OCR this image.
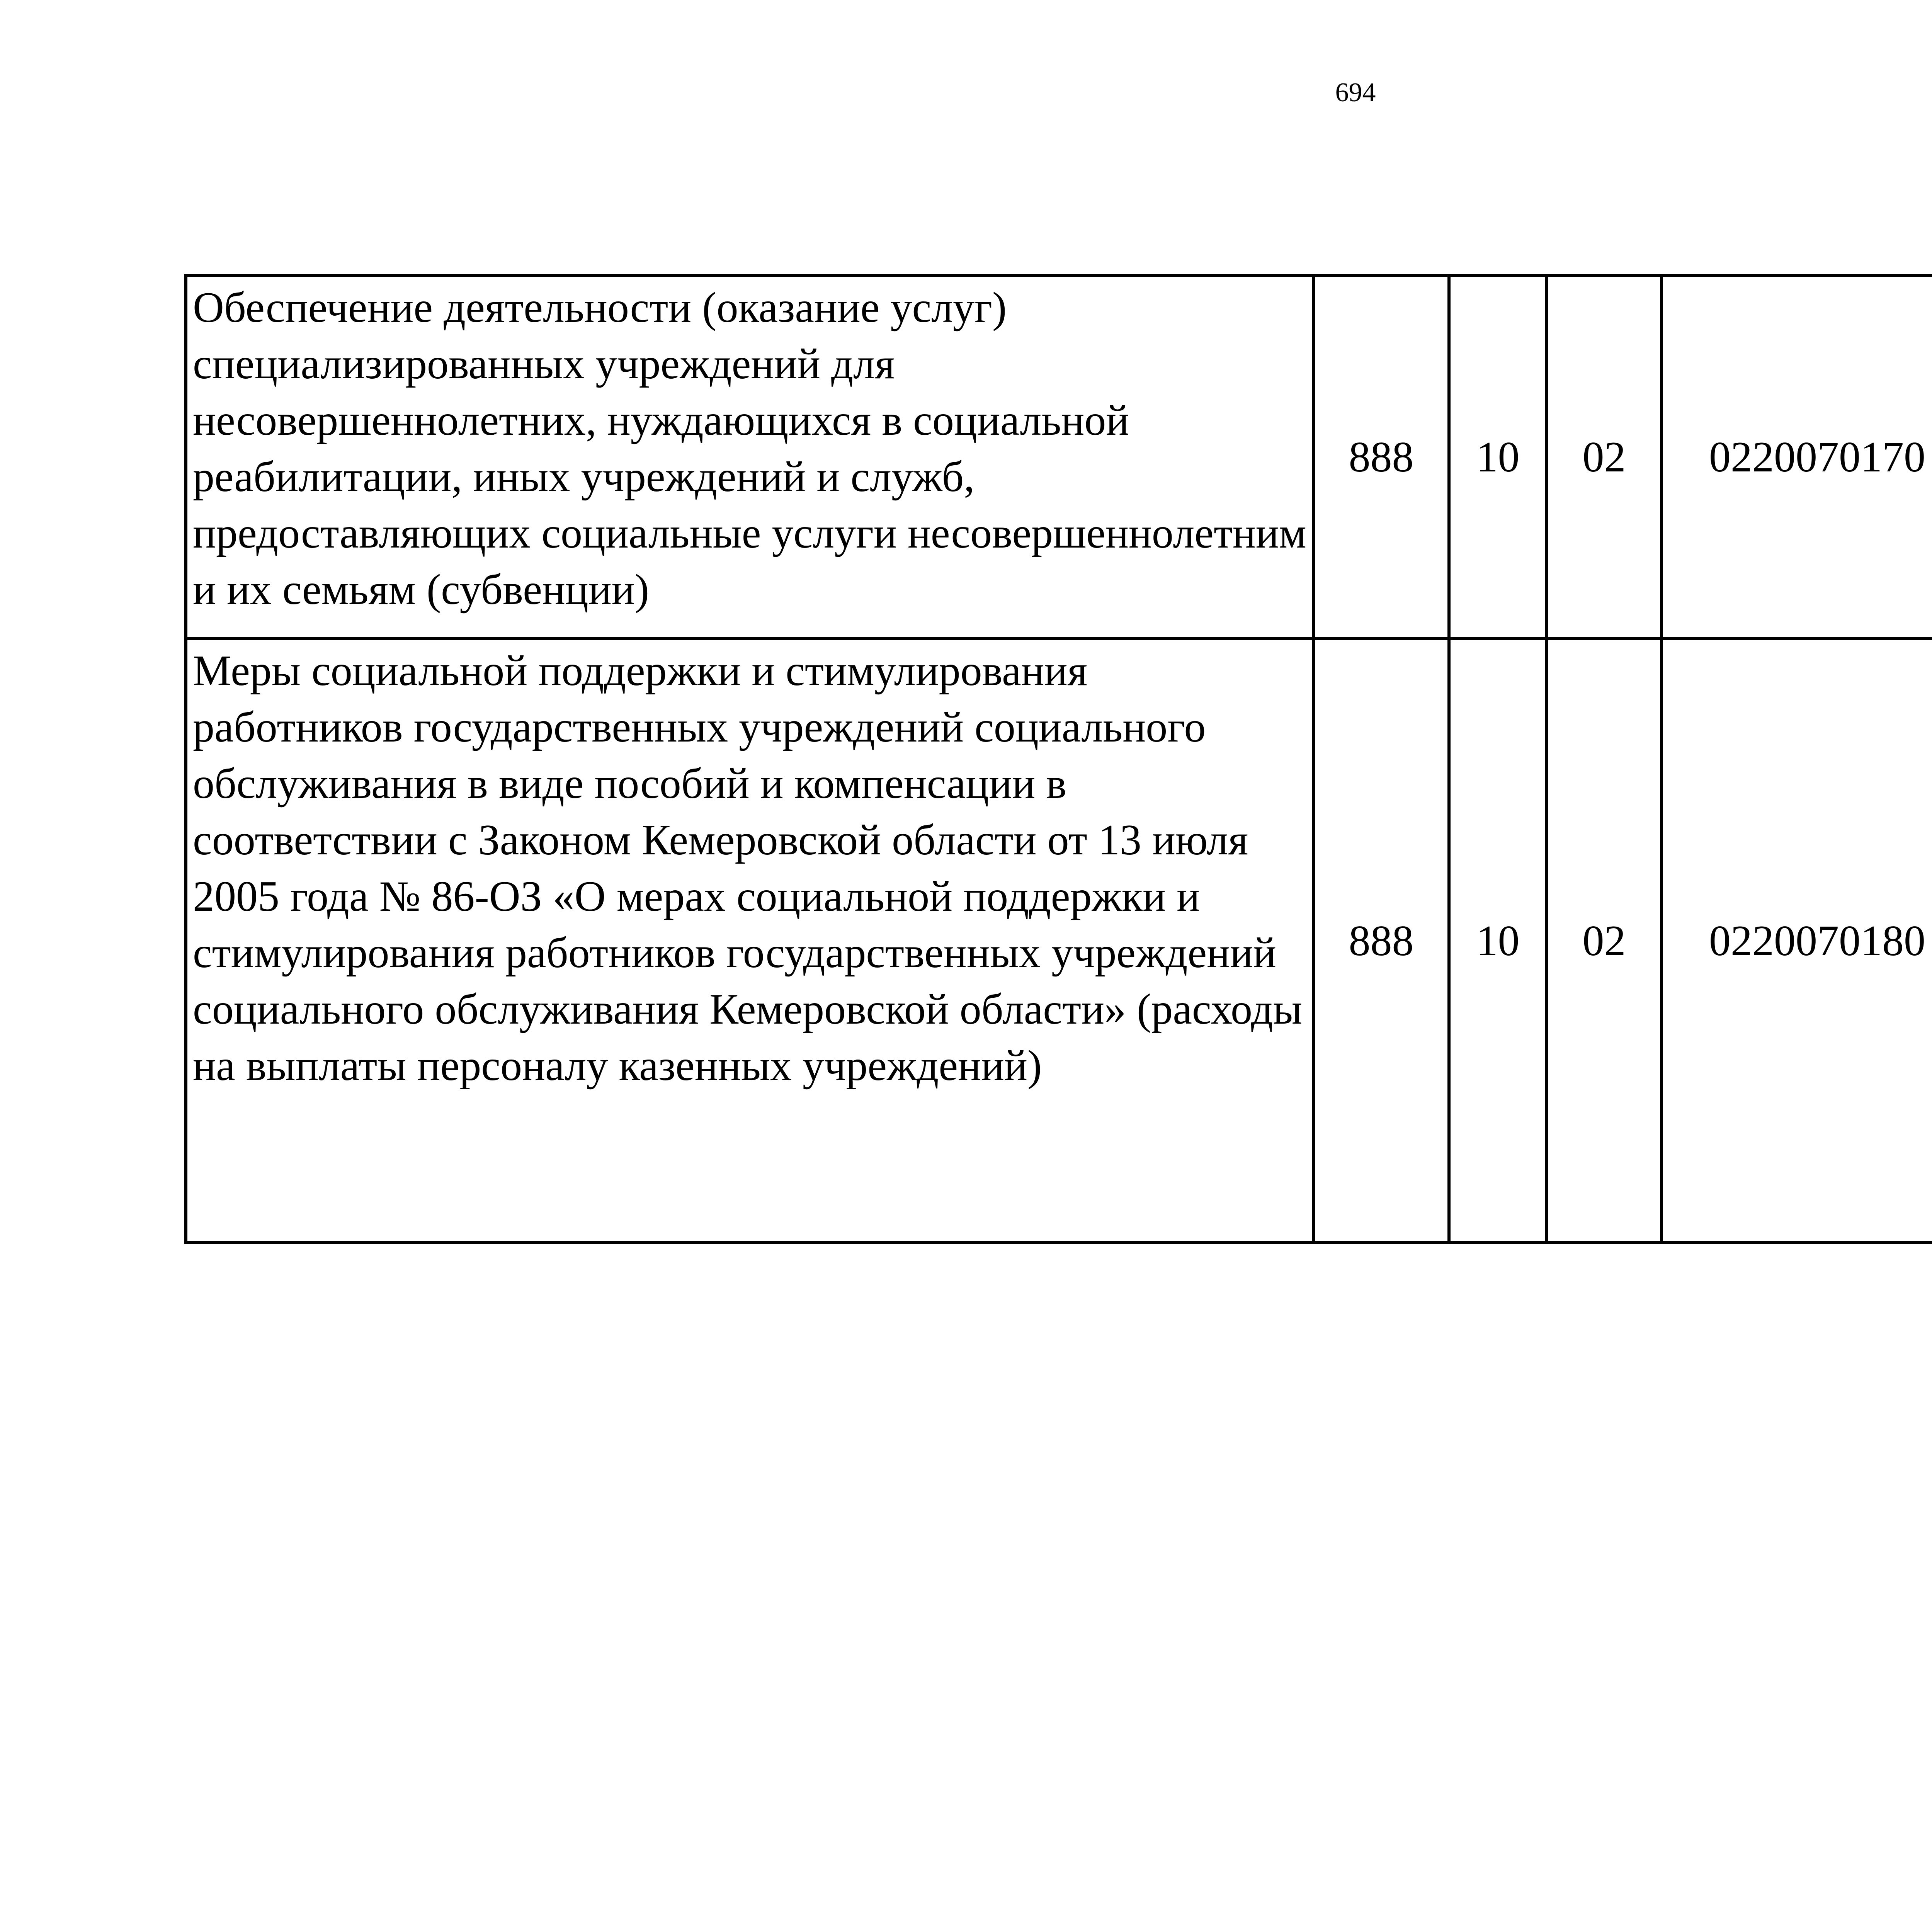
694
Обеспечение деятельности (оказание услуг) специализированных учреждений для несовершеннолетних, нуждающихся в социальной реабилитации, иных учреждений и служб, предоставляющих социальные услуги несовершеннолетним и их семьям (субвенции)	888	10	02	0220070170		
Меры социальной поддержки и стимулирования работников государственных учреждений социального обслуживания в виде пособий и компенсации в соответствии с Законом Кемеровской области от 13 июля 2005 года № 86-ОЗ «О мерах социальной поддержки и стимулирования работников государственных учреждений социального обслуживания Кемеровской области» (расходы на выплаты персоналу казенных учреждений)	888	10	02	0220070180		
